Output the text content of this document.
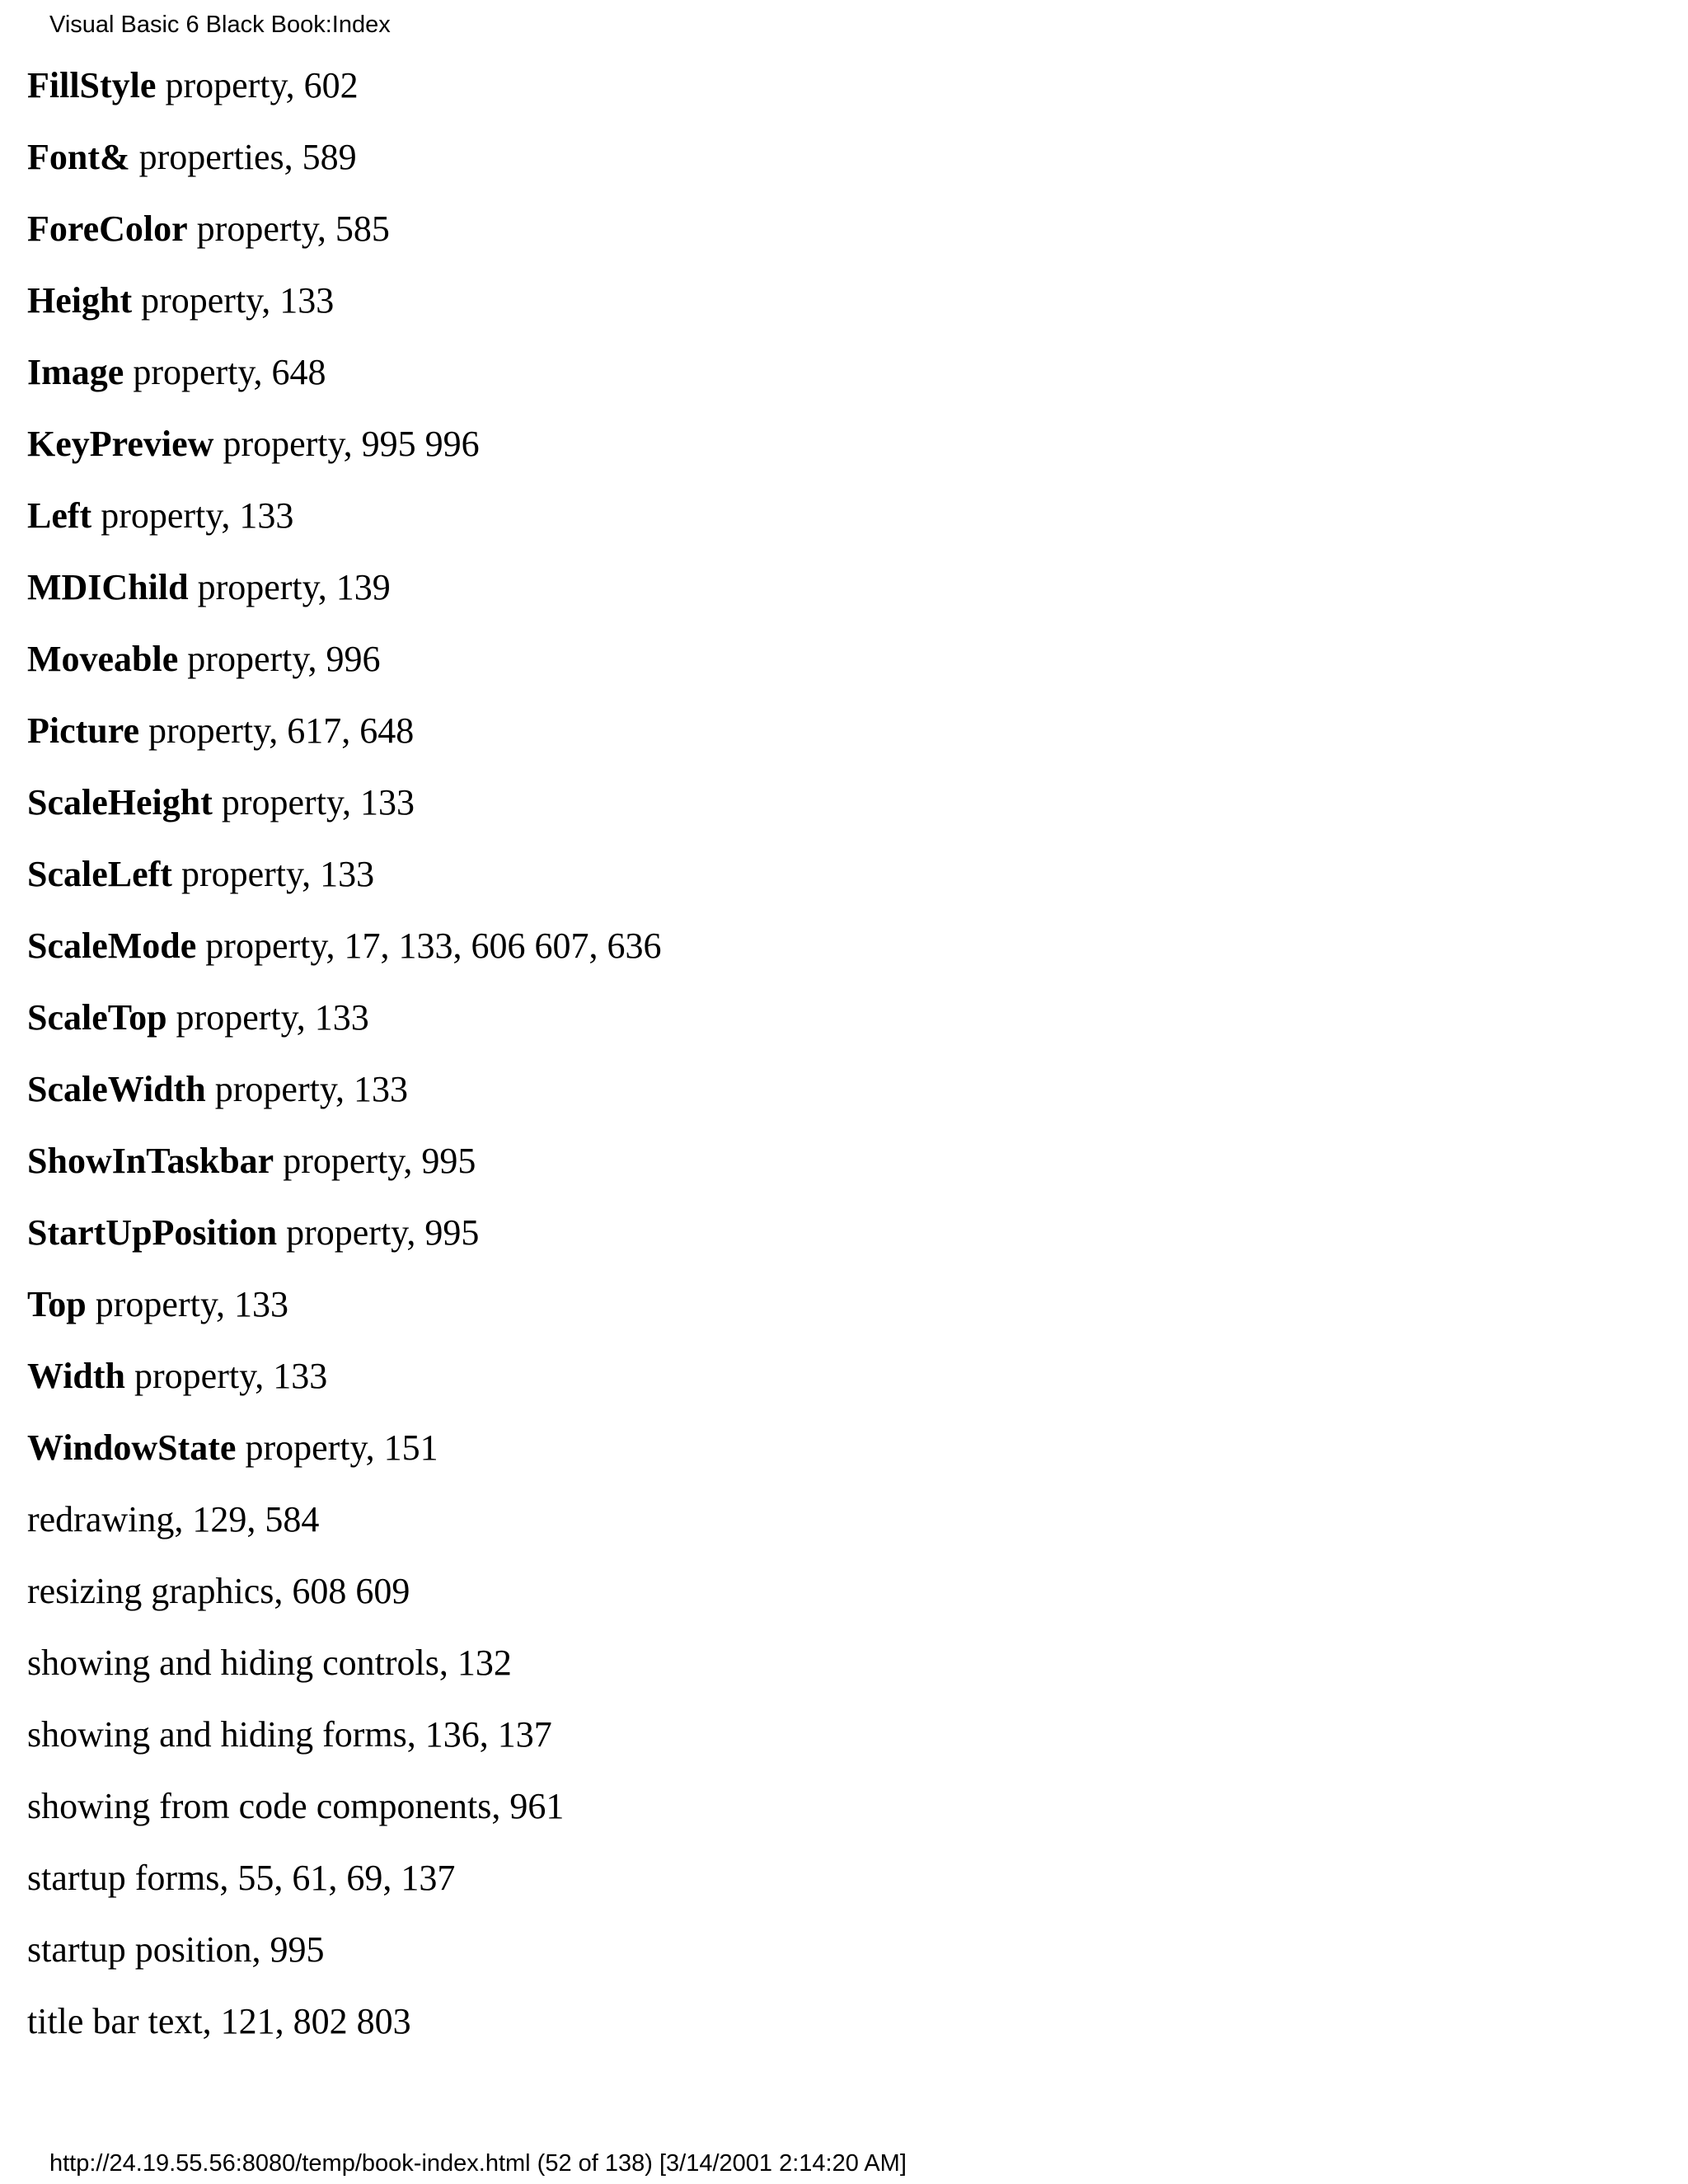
Visual Basic 6 Black Book:Index
FillStyle property, 602
Font& properties, 589
ForeColor property, 585
Height property, 133
Image property, 648
KeyPreview property, 995 996
Left property, 133
MDIChild property, 139
Moveable property, 996
Picture property, 617, 648
ScaleHeight property, 133
ScaleLeft property, 133
ScaleMode property, 17, 133, 606 607, 636
ScaleTop property, 133
ScaleWidth property, 133
ShowInTaskbar property, 995
StartUpPosition property, 995
Top property, 133
Width property, 133
WindowState property, 151
redrawing, 129, 584
resizing graphics, 608 609
showing and hiding controls, 132
showing and hiding forms, 136, 137
showing from code components, 961
startup forms, 55, 61, 69, 137
startup position, 995
title bar text, 121, 802 803
http://24.19.55.56:8080/temp/book-index.html (52 of 138) [3/14/2001 2:14:20 AM]
